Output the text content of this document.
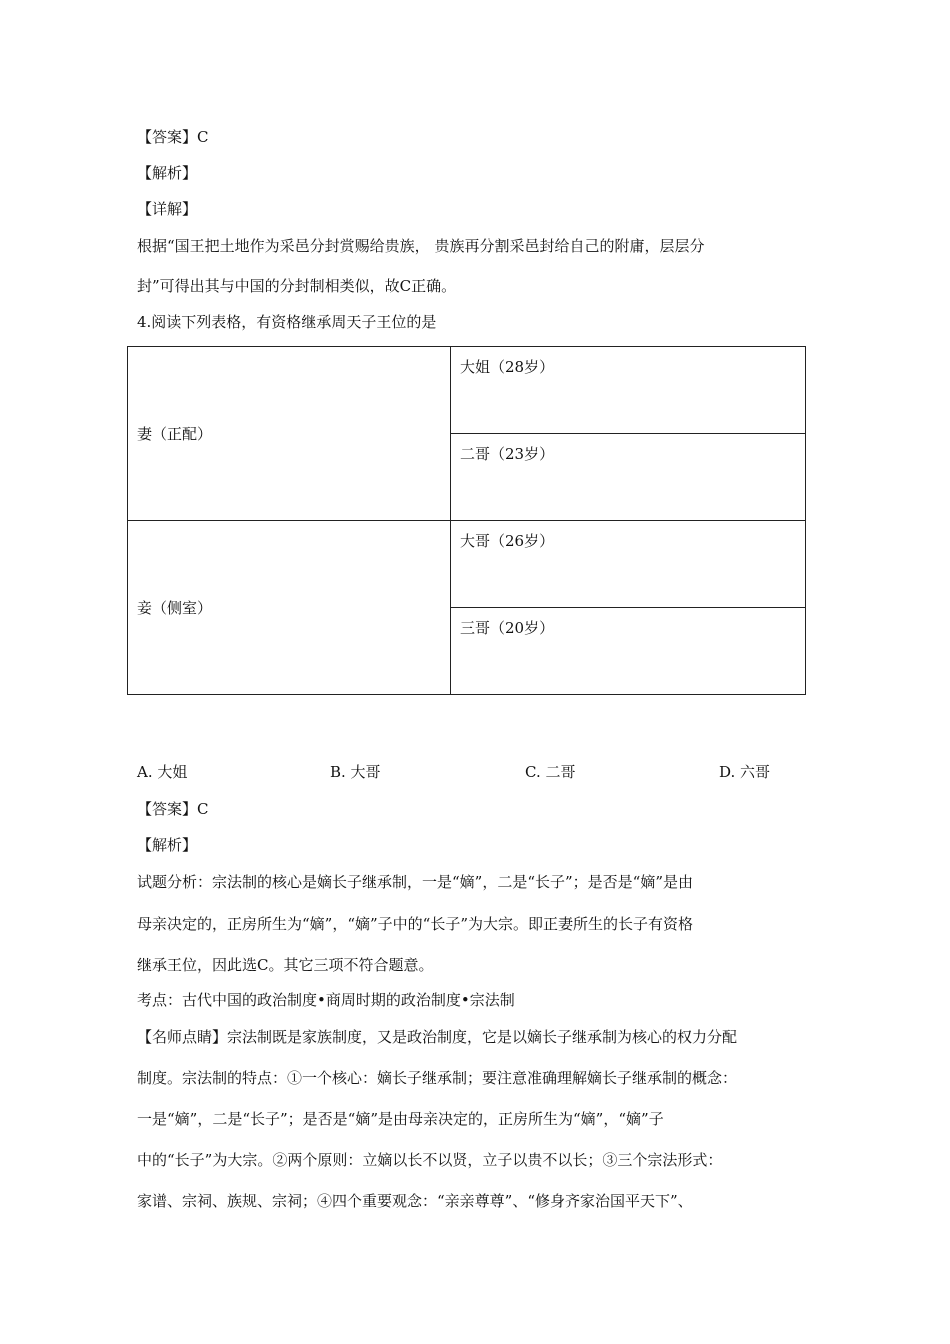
【答案】C
【解析】
【详解】
根据“国王把土地作为采邑分封赏赐给贵族， 贵族再分割采邑封给自己的附庸，层层分
封”可得出其与中国的分封制相类似，故C正确。
4.阅读下列表格，有资格继承周天子王位的是
妻（正配）	大姐（28岁）
	二哥（23岁）
妾（侧室）	大哥（26岁）
	三哥（20岁）
A. 大姐	B. 大哥	C. 二哥	D. 六哥
【答案】C
【解析】
试题分析：宗法制的核心是嫡长子继承制，一是“嫡”，二是“长子”；是否是“嫡”是由
母亲决定的，正房所生为“嫡”，“嫡”子中的“长子”为大宗。即正妻所生的长子有资格
继承王位，因此选C。其它三项不符合题意。
考点：古代中国的政治制度•商周时期的政治制度•宗法制
【名师点睛】宗法制既是家族制度，又是政治制度，它是以嫡长子继承制为核心的权力分配
制度。宗法制的特点：①一个核心：嫡长子继承制；要注意准确理解嫡长子继承制的概念：
一是“嫡”，二是“长子”；是否是“嫡”是由母亲决定的，正房所生为“嫡”，“嫡”子
中的“长子”为大宗。②两个原则：立嫡以长不以贤，立子以贵不以长；③三个宗法形式：
家谱、宗祠、族规、宗祠；④四个重要观念：“亲亲尊尊”、“修身齐家治国平天下”、
